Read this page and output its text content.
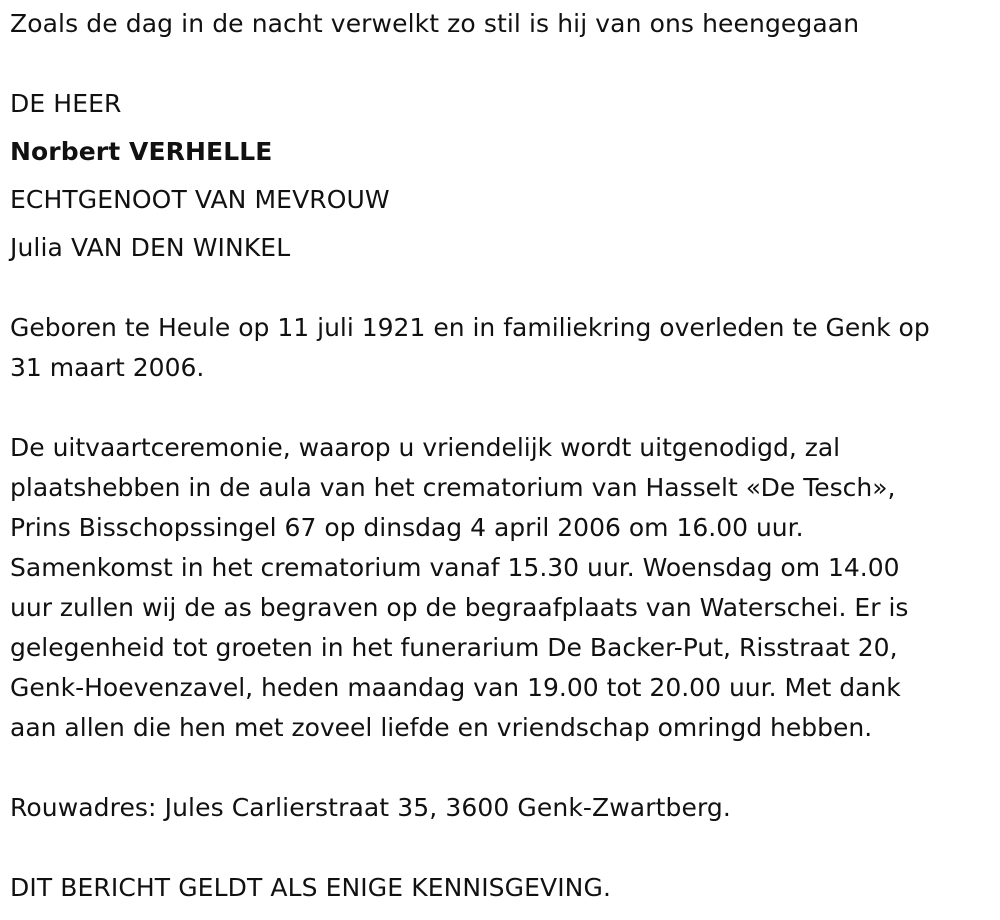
Zoals de dag in de nacht verwelkt zo stil is hij van ons heengegaan
DE HEER
Norbert VERHELLE
ECHTGENOOT VAN MEVROUW
Julia VAN DEN WINKEL
Geboren te Heule op 11 juli 1921 en in familiekring overleden te Genk op
31 maart 2006.
De uitvaartceremonie, waarop u vriendelijk wordt uitgenodigd, zal
plaatshebben in de aula van het crematorium van Hasselt «De Tesch»,
Prins Bisschopssingel 67 op dinsdag 4 april 2006 om 16.00 uur.
Samenkomst in het crematorium vanaf 15.30 uur. Woensdag om 14.00
uur zullen wij de as begraven op de begraafplaats van Waterschei. Er is
gelegenheid tot groeten in het funerarium De Backer-Put, Risstraat 20,
Genk-Hoevenzavel, heden maandag van 19.00 tot 20.00 uur. Met dank
aan allen die hen met zoveel liefde en vriendschap omringd hebben.
Rouwadres: Jules Carlierstraat 35, 3600 Genk-Zwartberg.
DIT BERICHT GELDT ALS ENIGE KENNISGEVING.
